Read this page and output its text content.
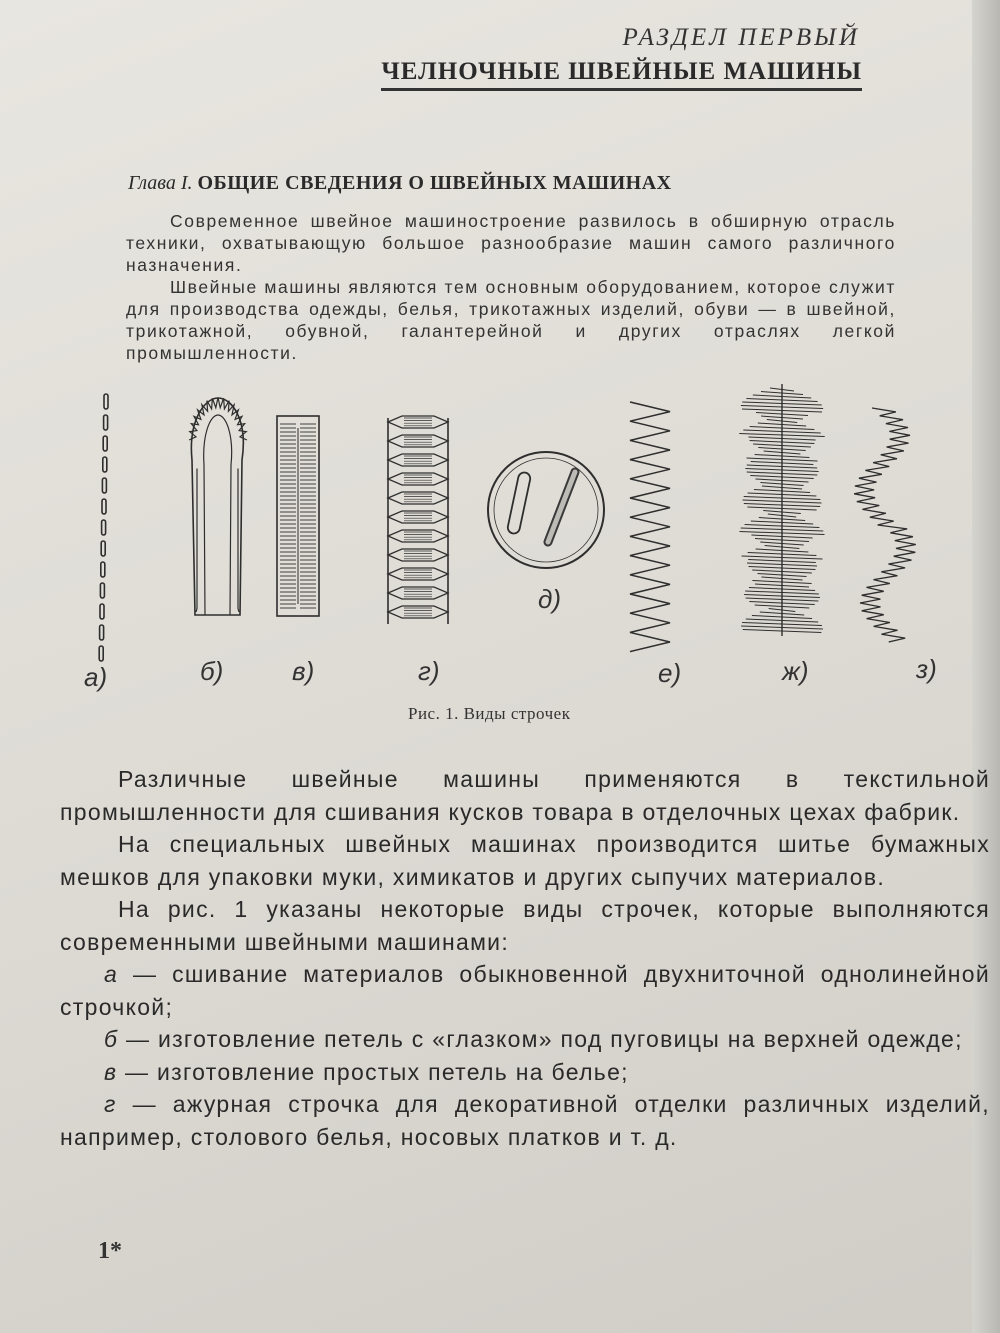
РАЗДЕЛ ПЕРВЫЙ
ЧЕЛНОЧНЫЕ ШВЕЙНЫЕ МАШИНЫ
Глава I. ОБЩИЕ СВЕДЕНИЯ О ШВЕЙНЫХ МАШИНАХ

Современное швейное машиностроение развилось в обширную отрасль техники, охватывающую большое разнообразие машин самого различного назначения.

Швейные машины являются тем основным оборудованием, которое служит для производства одежды, белья, трикотажных изделий, обуви — в швейной, трикотажной, обувной, галантерейной и других отраслях легкой промышленности.

а)	б)	в)	г)
д)
е)	ж)	з)
Рис. 1. Виды строчек

Различные швейные машины применяются в текстильной промышленности для сшивания кусков товара в отделочных цехах фабрик.

На специальных швейных машинах производится шитье бумажных мешков для упаковки муки, химикатов и других сыпучих материалов.

На рис. 1 указаны некоторые виды строчек, которые выполняются современными швейными машинами:

а — сшивание материалов обыкновенной двухниточной однолинейной строчкой;

б — изготовление петель с «глазком» под пуговицы на верхней одежде;

в — изготовление простых петель на белье;

г — ажурная строчка для декоративной отделки различных изделий, например, столового белья, носовых платков и т. д.

1*
